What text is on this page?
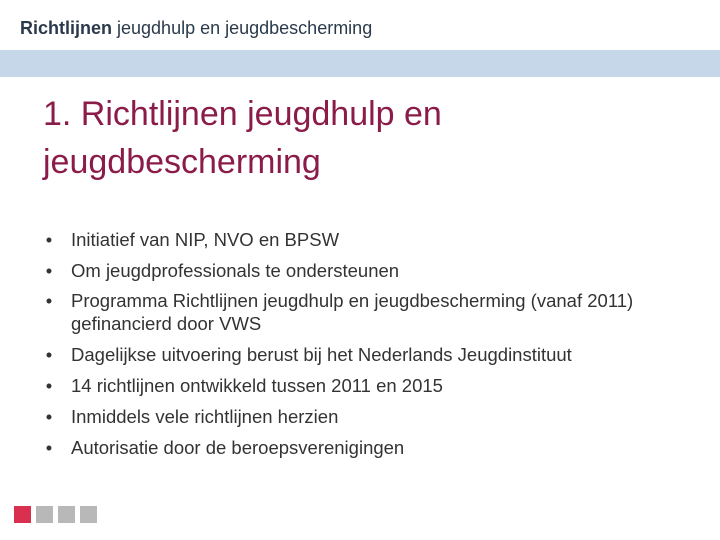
Richtlijnen jeugdhulp en jeugdbescherming
1. Richtlijnen jeugdhulp en jeugdbescherming
• Initiatief van NIP, NVO en BPSW
• Om jeugdprofessionals te ondersteunen
• Programma Richtlijnen jeugdhulp en jeugdbescherming (vanaf 2011) gefinancierd door VWS
• Dagelijkse uitvoering berust bij het Nederlands Jeugdinstituut
• 14 richtlijnen ontwikkeld tussen 2011 en 2015
• Inmiddels vele richtlijnen herzien
• Autorisatie door de beroepsverenigingen
